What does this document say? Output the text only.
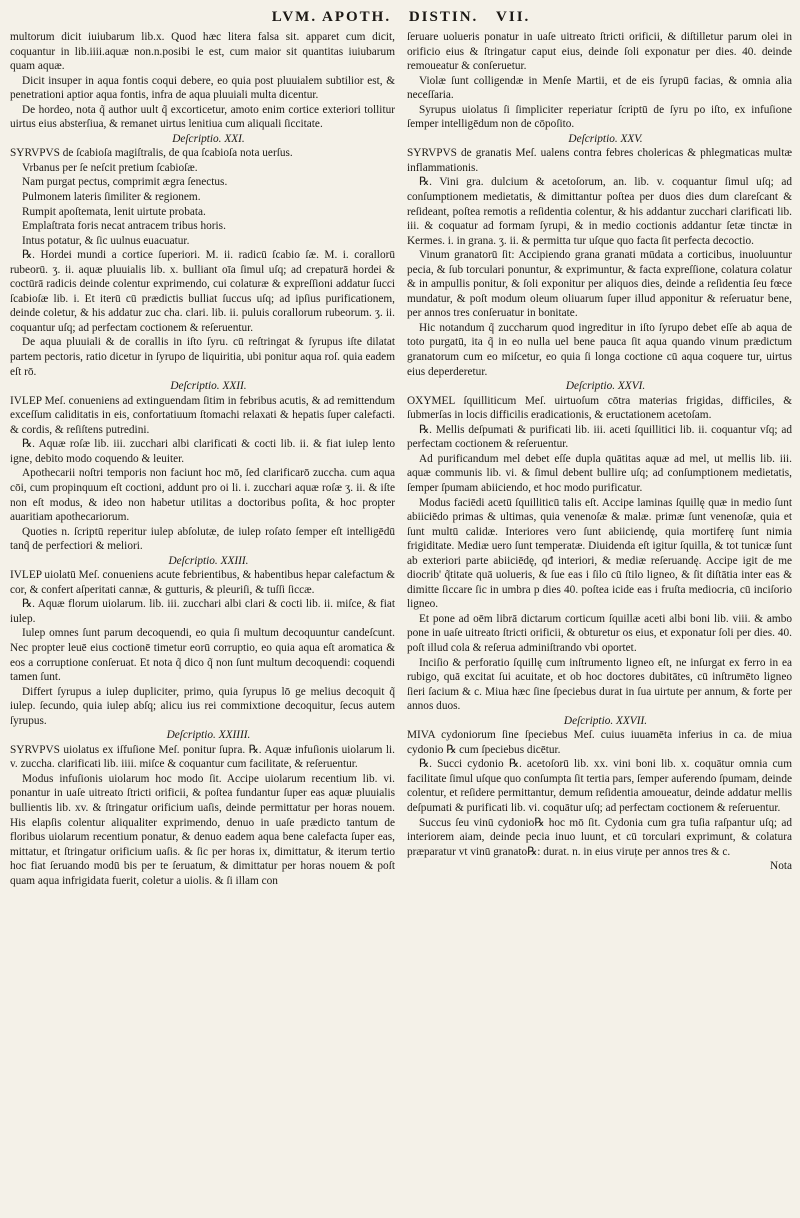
LVM. APOTH. DISTIN. VII.

multorum dicit iuiubarum lib.x. Quod hæc litera falsa sit. apparet cum dicit, coquantur in lib.iiii.aquæ non.n.posibi le est, cum maior sit quantitas iuiubarum quam aquæ.

Dicit insuper in aqua fontis coqui debere, eo quia post pluuialem subtilior est, & penetrationi aptior aqua fontis, infra de aqua pluuiali multa dicentur.

De hordeo, nota q̃ author uult q̃ excorticetur, amoto enim cortice exteriori tollitur uirtus eius absterſiua, & remanet uirtus lenitiua cum aliquali ſiccitate.

Deſcriptio. XXI.

SYRVPVS de ſcabioſa magiſtralis, de qua ſcabioſa nota uerſus.

Vrbanus per ſe neſcit pretium ſcabioſæ.

Nam purgat pectus, comprimit ægra ſenectus.

Pulmonem lateris ſimiliter & regionem.

Rumpit apoſtemata, lenit uirtute probata.

Emplaſtrata foris necat antracem tribus horis.

Intus potatur, & ſic uulnus euacuatur.

℞. Hordei mundi a cortice ſuperiori. M. ii. radicū ſcabio ſæ. M. i. corallorū rubeorū. ʒ. ii. aquæ pluuialis lib. x. bulliant oīa ſimul uſq; ad crepaturā hordei & coctūrā radicis deinde colentur exprimendo, cui colaturæ & expreſſioni addatur ſucci ſcabioſæ lib. i. Et iterū cū prædictis bulliat ſuccus uſq; ad ipſius purificationem, deinde coletur, & his addatur zuc cha. clari. lib. ii. puluis corallorum rubeorum. ʒ. ii. coquantur uſq; ad perfectam coctionem & reſeruentur.

De aqua pluuiali & de corallis in iſto ſyru. cū reſtringat & ſyrupus iſte dilatat partem pectoris, ratio dicetur in ſyrupo de liquiritia, ubi ponitur aqua roſ. quia eadem eſt rō.

Deſcriptio. XXII.

IVLEP Meſ. conueniens ad extinguendam ſitim in febribus acutis, & ad remittendum exceſſum caliditatis in eis, confortatiuum ſtomachi relaxati & hepatis ſuper calefacti. & cordis, & reſiſtens putredini.

℞. Aquæ roſæ lib. iii. zucchari albi clarificati & cocti lib. ii. & fiat iulep lento igne, debito modo coquendo & leuiter.

Apothecarii noſtri temporis non faciunt hoc mō, ſed clarificarō zuccha. cum aqua cōi, cum propinquum eſt coctioni, addunt pro oi li. i. zucchari aquæ roſæ ʒ. ii. & iſte non eſt modus, & ideo non habetur utilitas a doctoribus poſita, & hoc propter auaritiam apothecariorum.

Quoties n. ſcriptū reperitur iulep abſolutæ, de iulep roſato ſemper eſt intelligēdū tanq̃ de perfectiori & meliori.

Deſcriptio. XXIII.

IVLEP uiolatū Meſ. conueniens acute febrientibus, & habentibus hepar calefactum & cor, & confert aſperitati cannæ, & gutturis, & pleuriſi, & tuſſi ſiccæ.

℞. Aquæ florum uiolarum. lib. iii. zucchari albi clari & cocti lib. ii. miſce, & fiat iulep.

Iulep omnes ſunt parum decoquendi, eo quia ſi multum decoquuntur candeſcunt. Nec propter leuē eius coctionē timetur eorū corruptio, eo quia aqua eſt aromatica & eos a corruptione conſeruat. Et nota q̃ dico q̃ non ſunt multum decoquendi: coquendi tamen ſunt.

Differt ſyrupus a iulep dupliciter, primo, quia ſyrupus lō ge melius decoquit q̃ iulep. ſecundo, quia iulep abſq; alicu ius rei commixtione decoquitur, ſecus autem ſyrupus.

Deſcriptio. XXIIII.

SYRVPVS uiolatus ex iſfuſione Meſ. ponitur ſupra. ℞. Aquæ infuſionis uiolarum li. v. zuccha. clarificati lib. iiii. miſce & coquantur cum facilitate, & reſeruentur.

Modus infuſionis uiolarum hoc modo ſit. Accipe uiolarum recentium lib. vi. ponantur in uaſe uitreato ſtricti orificii, & poſtea fundantur ſuper eas aquæ pluuialis bullientis lib. xv. & ſtringatur orificium uaſis, deinde permittatur per horas nouem. His elapſis colentur aliqualiter exprimendo, denuo in uaſe prædicto tantum de floribus uiolarum recentium ponatur, & denuo eadem aqua bene calefacta ſuper eas, mittatur, et ſtringatur orificium uaſis. & ſic per horas ix, dimittatur, & iterum tertio hoc fiat ſeruando modū bis per te ſeruatum, & dimittatur per horas nouem & poſt quam aqua infrigidata fuerit, coletur a uiolis. & ſi illam con

ſeruare uolueris ponatur in uaſe uitreato ſtricti orificii, & diſtilletur parum olei in orificio eius & ſtringatur caput eius, deinde ſoli exponatur per dies. 40. deinde remoueatur & conſeruetur.

Violæ ſunt colligendæ in Menſe Martii, et de eis ſyrupū facias, & omnia alia neceſſaria.

Syrupus uiolatus ſi ſimpliciter reperiatur ſcriptū de ſyru po iſto, ex infuſione ſemper intelligēdum non de cōpoſito.

Deſcriptio. XXV.

SYRVPVS de granatis Meſ. ualens contra febres cholericas & phlegmaticas multæ inflammationis.

℞. Vini gra. dulcium & acetoſorum, an. lib. v. coquantur ſimul uſq; ad conſumptionem medietatis, & dimittantur poſtea per duos dies dum clareſcant & reſideant, poſtea remotis a reſidentia colentur, & his addantur zucchari clarificati lib. iii. & coquatur ad formam ſyrupi, & in medio coctionis addantur ſetæ tinctæ in Kermes. i. in grana. ʒ. ii. & permitta tur uſque quo facta ſit perfecta decoctio.

Vinum granatorū ſit: Accipiendo grana granati mūdata a corticibus, inuoluuntur pecia, & ſub torculari ponuntur, & exprimuntur, & facta expreſſione, colatura colatur & in ampullis ponitur, & ſoli exponitur per aliquos dies, deinde a reſidentia ſeu fœce mundatur, & poſt modum oleum oliuarum ſuper illud apponitur & reſeruatur bene, per annos tres conſeruatur in bonitate.

Hic notandum q̃ zuccharum quod ingreditur in iſto ſyrupo debet eſſe ab aqua de toto purgatū, ita q̃ in eo nulla uel bene pauca ſit aqua quando vinum prædictum granatorum cum eo miſcetur, eo quia ſi longa coctione cū aqua coquere tur, uirtus eius deperderetur.

Deſcriptio. XXVI.

OXYMEL ſquilliticum Meſ. uirtuoſum cōtra materias frigidas, difficiles, & ſubmerſas in locis difficilis eradicationis, & eructationem acetoſam.

℞. Mellis deſpumati & purificati lib. iii. aceti ſquillitici lib. ii. coquantur vſq; ad perfectam coctionem & reſeruentur.

Ad purificandum mel debet eſſe dupla quātitas aquæ ad mel, ut mellis lib. iii. aquæ communis lib. vi. & ſimul debent bullire uſq; ad conſumptionem medietatis, ſemper ſpumam abiiciendo, et hoc modo purificatur.

Modus faciēdi acetū ſquilliticū talis eſt. Accipe laminas ſquillę quæ in medio ſunt abiiciēdo primas & ultimas, quia venenoſæ & malæ. primæ ſunt venenoſæ, quia et ſunt multū calidæ. Interiores vero ſunt abiiciendę, quia mortiferę ſunt nimia frigiditate. Mediæ uero ſunt temperatæ. Diuidenda eſt igitur ſquilla, & tot tunicæ ſunt ab exteriori parte abiiciēdę, qđ interiori, & mediæ reſeruandę. Accipe igit de me diocrib' q̃titate quā uolueris, & ſue eas i ſilo cū ſtilo ligneo, & ſit diſtātia inter eas & dimitte ſiccare ſic in umbra p dies 40. poſtea icide eas i fruſta mediocria, cū inciſorio ligneo.

Et pone ad oēm librā dictarum corticum ſquillæ aceti albi boni lib. viii. & ambo pone in uaſe uitreato ſtricti orificii, & obturetur os eius, et exponatur ſoli per dies. 40. poſt illud cola & reſerua adminiſtrando vbi oportet.

Inciſio & perforatio ſquillę cum inſtrumento ligneo eſt, ne inſurgat ex ferro in ea rubigo, quā excitat ſui acuitate, et ob hoc doctores dubitātes, cū inſtrumēto ligneo ſieri ſacium & c. Miua hæc ſine ſpeciebus durat in ſua uirtute per annum, & forte per annos duos.

Deſcriptio. XXVII.

MIVA cydoniorum ſine ſpeciebus Meſ. cuius iuuamēta inferius in ca. de miua cydonio ℞ cum ſpeciebus dicētur.

℞. Succi cydonio ℞. acetoſorū lib. xx. vini boni lib. x. coquātur omnia cum facilitate ſimul uſque quo conſumpta ſit tertia pars, ſemper auferendo ſpumam, deinde colentur, et reſidere permittantur, demum reſidentia amoueatur, deinde addatur mellis deſpumati & purificati lib. vi. coquātur uſq; ad perfectam coctionem & reſeruentur.

Succus ſeu vinū cydonio℞ hoc mō ſit. Cydonia cum gra tuſia raſpantur uſq; ad interiorem aiam, deinde pecia inuo luunt, et cū torculari exprimunt, & colatura præparatur vt vinū granato℞: durat. n. in eius viruțe per annos tres & c.

Nota
